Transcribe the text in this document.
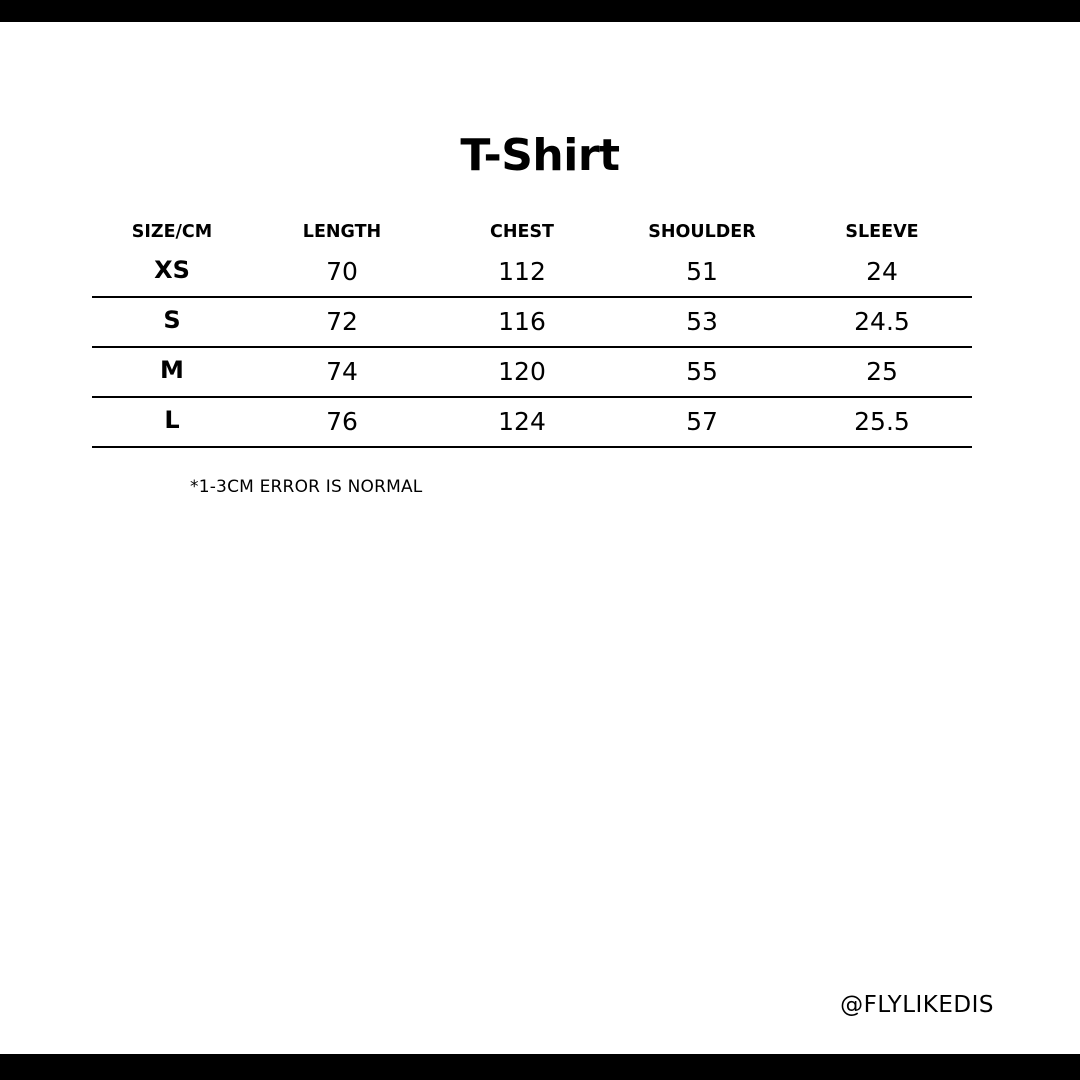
T-Shirt
SIZE/CM	LENGTH	CHEST	SHOULDER	SLEEVE
XS	70	112	51	24
S	72	116	53	24.5
M	74	120	55	25
L	76	124	57	25.5
*1-3CM ERROR IS NORMAL
@FLYLIKEDIS
